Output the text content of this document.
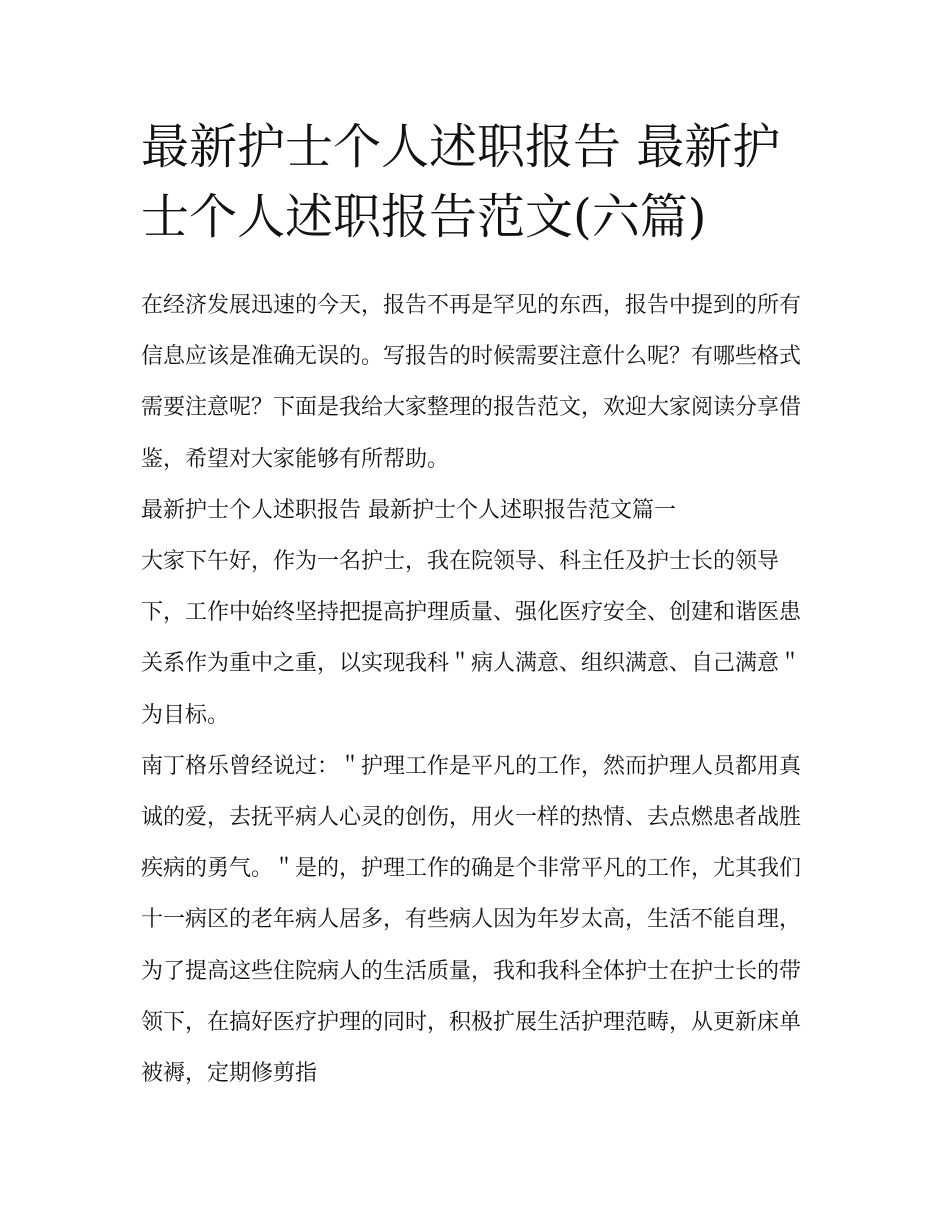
最新护士个人述职报告 最新护士个人述职报告范文(六篇)

在经济发展迅速的今天，报告不再是罕见的东西，报告中提到的所有信息应该是准确无误的。写报告的时候需要注意什么呢？有哪些格式需要注意呢？下面是我给大家整理的报告范文，欢迎大家阅读分享借鉴，希望对大家能够有所帮助。

最新护士个人述职报告 最新护士个人述职报告范文篇一

大家下午好，作为一名护士，我在院领导、科主任及护士长的领导下，工作中始终坚持把提高护理质量、强化医疗安全、创建和谐医患关系作为重中之重，以实现我科＂病人满意、组织满意、自己满意＂为目标。

南丁格乐曾经说过：＂护理工作是平凡的工作，然而护理人员都用真诚的爱，去抚平病人心灵的创伤，用火一样的热情、去点燃患者战胜疾病的勇气。＂是的，护理工作的确是个非常平凡的工作，尤其我们十一病区的老年病人居多，有些病人因为年岁太高，生活不能自理，为了提高这些住院病人的生活质量，我和我科全体护士在护士长的带领下，在搞好医疗护理的同时，积极扩展生活护理范畴，从更新床单被褥，定期修剪指
